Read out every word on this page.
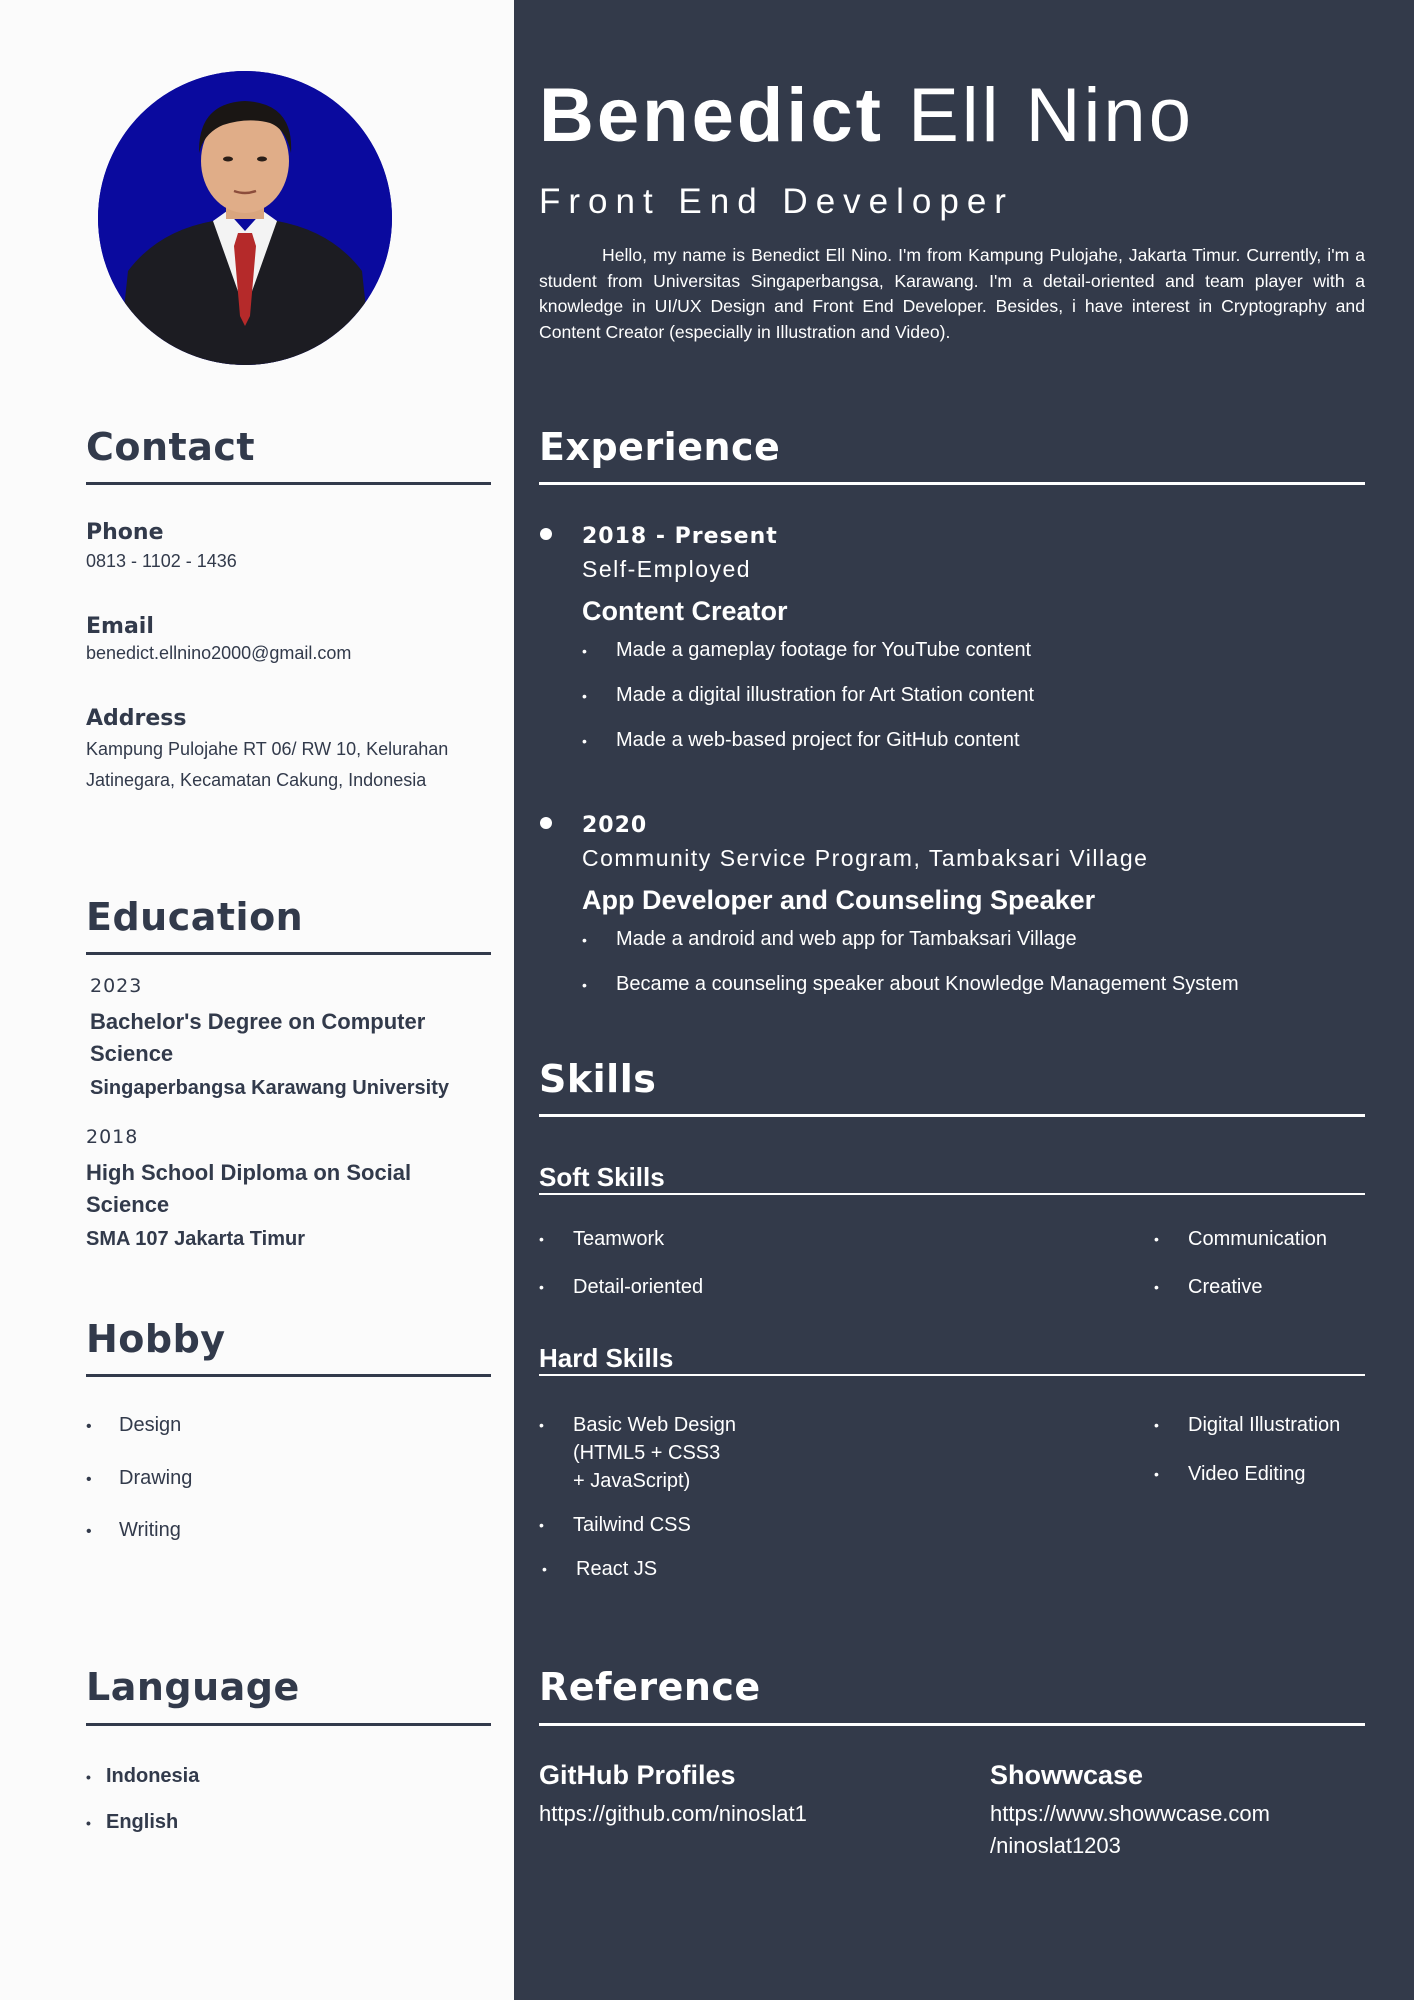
Contact
Phone
0813 - 1102 - 1436
Email
benedict.ellnino2000@gmail.com
Address
Kampung Pulojahe RT 06/ RW 10, Kelurahan
Jatinegara, Kecamatan Cakung, Indonesia
Education
2023
Bachelor's Degree on Computer Science
Singaperbangsa Karawang University
2018
High School Diploma on Social Science
SMA 107 Jakarta Timur
Hobby
• Design
• Drawing
• Writing
Language
• Indonesia
• English
Benedict Ell Nino
Front End Developer
Hello, my name is Benedict Ell Nino. I'm from Kampung Pulojahe, Jakarta Timur. Currently, i'm a student from Universitas Singaperbangsa, Karawang. I'm a detail-oriented and team player with a knowledge in UI/UX Design and Front End Developer. Besides, i have interest in Cryptography and Content Creator (especially in Illustration and Video).
Experience
2018 - Present
Self-Employed
Content Creator
• Made a gameplay footage for YouTube content
• Made a digital illustration for Art Station content
• Made a web-based project for GitHub content
2020
Community Service Program, Tambaksari Village
App Developer and Counseling Speaker
• Made a android and web app for Tambaksari Village
• Became a counseling speaker about Knowledge Management System
Skills
Soft Skills
• Teamwork
• Detail-oriented
• Communication
• Creative
Hard Skills
• Basic Web Design
(HTML5 + CSS3
+ JavaScript)
• Tailwind CSS
• React JS
• Digital Illustration
• Video Editing
Reference
GitHub Profiles
https://github.com/ninoslat1
Showwcase
https://www.showwcase.com
/ninoslat1203
